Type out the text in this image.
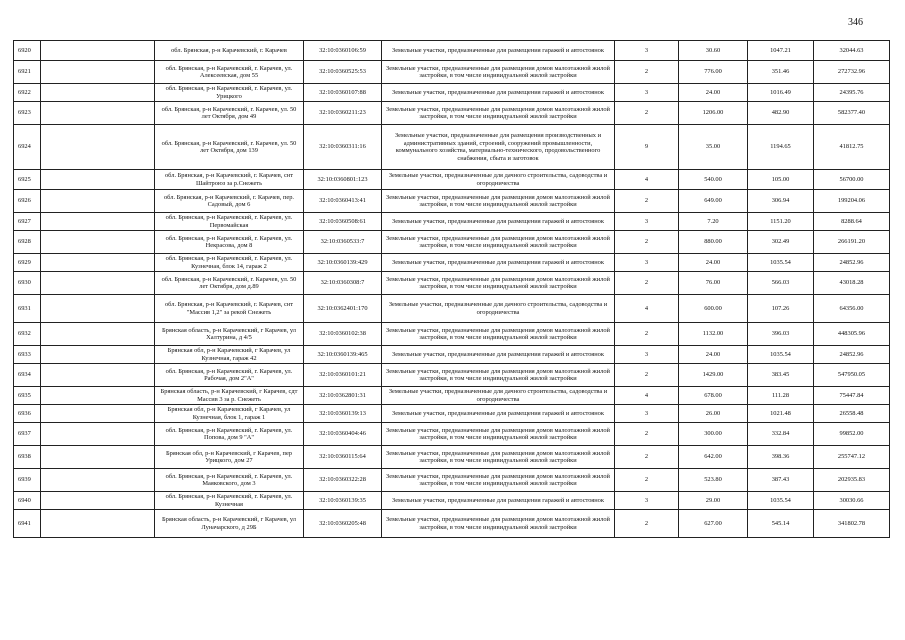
346
6920		обл. Брянская, р-н Карачевский, г. Карачев	32:10:0360106:59	Земельные участки, предназначенные для размещения гаражей и автостоянок	3	30.60	1047.21	32044.63
6921		обл. Брянская, р-н Карачевский, г. Карачев, ул. Алексеевская, дом 55	32:10:0360525:53	Земельные участки, предназначенные для размещения домов малоэтажной жилой застройки, в том числе индивидуальной жилой застройки	2	776.00	351.46	272732.96
6922		обл. Брянская, р-н Карачевский, г. Карачев, ул. Урицкого	32:10:0360107:88	Земельные участки, предназначенные для размещения гаражей и автостоянок	3	24.00	1016.49	24395.76
6923		обл. Брянская, р-н Карачевский, г. Карачев, ул. 50 лет Октября, дом 49	32:10:0360211:23	Земельные участки, предназначенные для размещения домов малоэтажной жилой застройки, в том числе индивидуальной жилой застройки	2	1206.00	482.90	582377.40
6924		обл. Брянская, р-н Карачевский, г. Карачев, ул. 50 лет Октября, дом 139	32:10:0360311:16	Земельные участки, предназначенные для размещения производственных и административных зданий, строений, сооружений промышленности, коммунального хозяйства, материально-технического, продовольственного снабжения, сбыта и заготовок	9	35.00	1194.65	41812.75
6925		обл. Брянская, р-н Карачевский, г. Карачев, снт Шайтроюз за р.Снежеть	32:10:0360801:123	Земельные участки, предназначенные для дачного строительства, садоводства и огородничества	4	540.00	105.00	56700.00
6926		обл. Брянская, р-н Карачевский, г. Карачев, пер. Садовый, дом 6	32:10:0360413:41	Земельные участки, предназначенные для размещения домов малоэтажной жилой застройки, в том числе индивидуальной жилой застройки	2	649.00	306.94	199204.06
6927		обл. Брянская, р-н Карачевский, г. Карачев, ул. Первомайская	32:10:0360508:61	Земельные участки, предназначенные для размещения гаражей и автостоянок	3	7.20	1151.20	8288.64
6928		обл. Брянская, р-н Карачевский, г. Карачев, ул. Некрасова, дом 8	32:10:0360533:7	Земельные участки, предназначенные для размещения домов малоэтажной жилой застройки, в том числе индивидуальной жилой застройки	2	880.00	302.49	266191.20
6929		обл. Брянская, р-н Карачевский, г. Карачев, ул. Кузнечная, блок 14, гараж 2	32:10:0360139:429	Земельные участки, предназначенные для размещения гаражей и автостоянок	3	24.00	1035.54	24852.96
6930		обл. Брянская, р-н Карачевский, г. Карачев, ул. 50 лет Октября, дом д.89	32:10:0360308:7	Земельные участки, предназначенные для размещения домов малоэтажной жилой застройки, в том числе индивидуальной жилой застройки	2	76.00	566.03	43018.28
6931		обл. Брянская, р-н Карачевский, г. Карачев, снт "Массив 1,2" за рекой Снежеть	32:10:0362401:170	Земельные участки, предназначенные для дачного строительства, садоводства и огородничества	4	600.00	107.26	64356.00
6932		Брянская область, р-н Карачевский, г Карачев, ул Халтурина, д 4/5	32:10:0360102:38	Земельные участки, предназначенные для размещения домов малоэтажной жилой застройки, в том числе индивидуальной жилой застройки	2	1132.00	396.03	448305.96
6933		Брянская обл, р-н Карачевский, г Карачев, ул Кузнечная, гараж 42	32:10:0360139:465	Земельные участки, предназначенные для размещения гаражей и автостоянок	3	24.00	1035.54	24852.96
6934		обл. Брянская, р-н Карачевский, г. Карачев, ул. Рабочая, дом 2"А"	32:10:0360101:21	Земельные участки, предназначенные для размещения домов малоэтажной жилой застройки, в том числе индивидуальной жилой застройки	2	1429.00	383.45	547950.05
6935		Брянская область, р-н Карачевский, г Карачев, сдт Массив 3 за р. Снежеть	32:10:0362801:31	Земельные участки, предназначенные для дачного строительства, садоводства и огородничества	4	678.00	111.28	75447.84
6936		Брянская обл, р-н Карачевский, г Карачев, ул Кузнечная, блок 1, гараж 1	32:10:0360139:13	Земельные участки, предназначенные для размещения гаражей и автостоянок	3	26.00	1021.48	26558.48
6937		обл. Брянская, р-н Карачевский, г. Карачев, ул. Попова, дом 9 "А"	32:10:0360404:46	Земельные участки, предназначенные для размещения домов малоэтажной жилой застройки, в том числе индивидуальной жилой застройки	2	300.00	332.84	99852.00
6938		Брянская обл, р-н Карачевский, г Карачев, пер Урицкого, дом 27	32:10:0360115:64	Земельные участки, предназначенные для размещения домов малоэтажной жилой застройки, в том числе индивидуальной жилой застройки	2	642.00	398.36	255747.12
6939		обл. Брянская, р-н Карачевский, г. Карачев, ул. Маяковского, дом 3	32:10:0360322:28	Земельные участки, предназначенные для размещения домов малоэтажной жилой застройки, в том числе индивидуальной жилой застройки	2	523.80	387.43	202935.83
6940		обл. Брянская, р-н Карачевский, г. Карачев, ул. Кузнечная	32:10:0360139:35	Земельные участки, предназначенные для размещения гаражей и автостоянок	3	29.00	1035.54	30030.66
6941		Брянская область, р-н Карачевский, г Карачев, ул Луначарского, д 29Б	32:10:0360205:48	Земельные участки, предназначенные для размещения домов малоэтажной жилой застройки, в том числе индивидуальной жилой застройки	2	627.00	545.14	341802.78
